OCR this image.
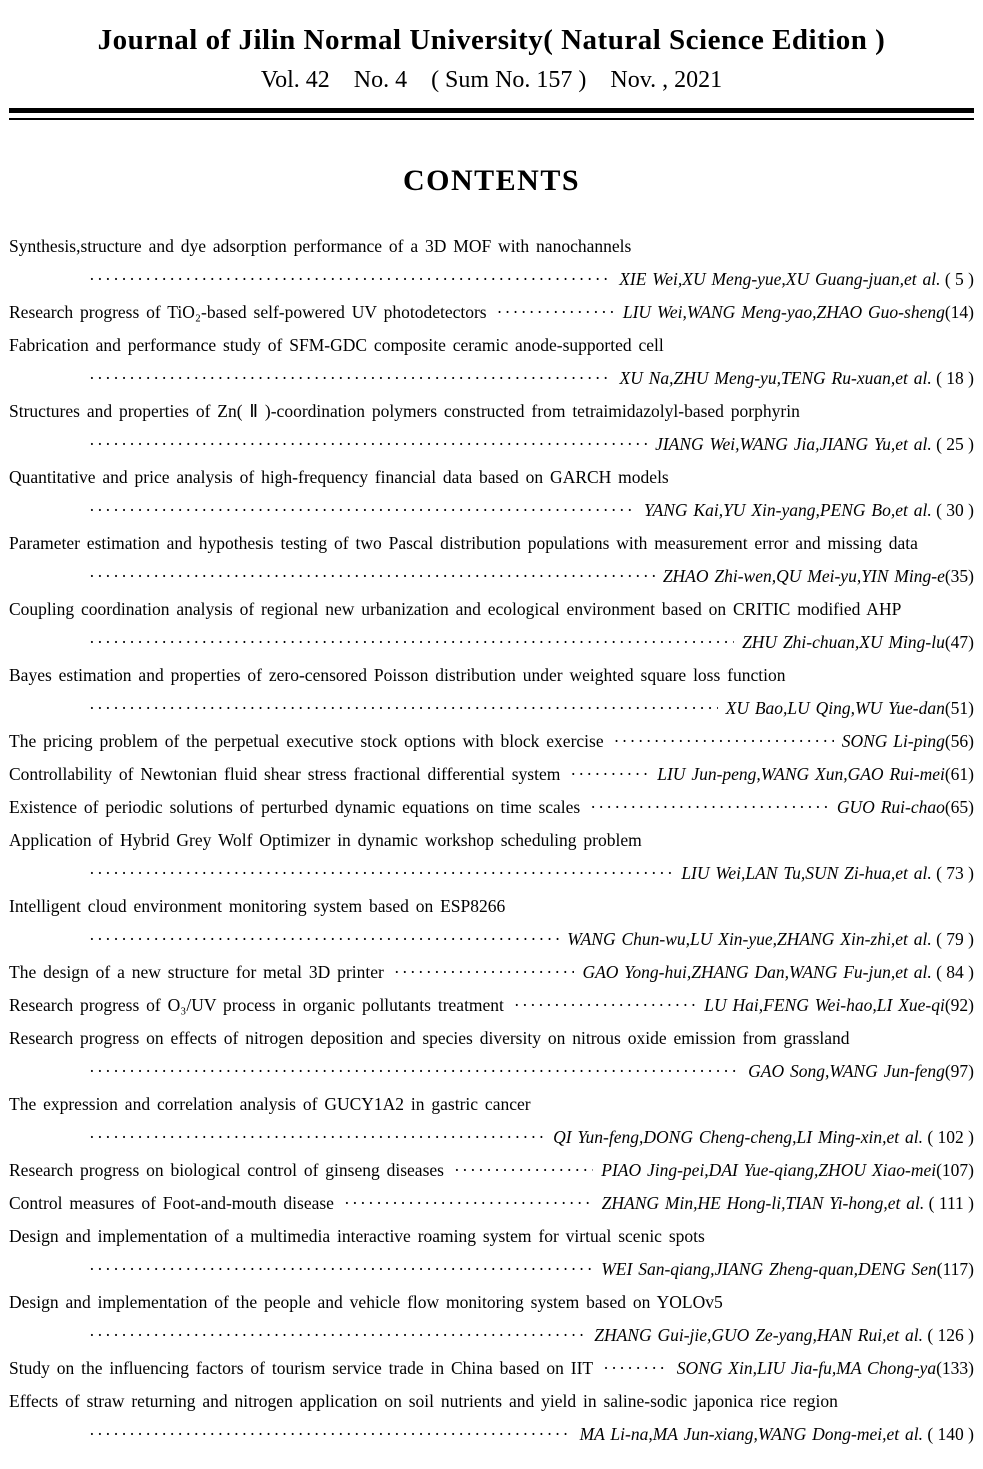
Journal of Jilin Normal University( Natural Science Edition )
Vol. 42    No. 4    ( Sum No. 157 )    Nov. , 2021
CONTENTS
Synthesis,structure and dye adsorption performance of a 3D MOF with nanochannels
·····
XIE Wei,XU Meng-yue,XU Guang-juan,et al. ( 5 )
Research progress of TiO₂-based self-powered UV photodetectors ·····	LIU Wei,WANG Meng-yao,ZHAO Guo-sheng (14)
Fabrication and performance study of SFM-GDC composite ceramic anode-supported cell
·····
XU Na,ZHU Meng-yu,TENG Ru-xuan,et al. ( 18 )
Structures and properties of Zn( Ⅱ )-coordination polymers constructed from tetraimidazolyl-based porphyrin
·····
JIANG Wei,WANG Jia,JIANG Yu,et al. ( 25 )
Quantitative and price analysis of high-frequency financial data based on GARCH models
·····
YANG Kai,YU Xin-yang,PENG Bo,et al. ( 30 )
Parameter estimation and hypothesis testing of two Pascal distribution populations with measurement error and missing data
·····
ZHAO Zhi-wen,QU Mei-yu,YIN Ming-e (35)
Coupling coordination analysis of regional new urbanization and ecological environment based on CRITIC modified AHP
·····
ZHU Zhi-chuan,XU Ming-lu (47)
Bayes estimation and properties of zero-censored Poisson distribution under weighted square loss function
·····
XU Bao,LU Qing,WU Yue-dan (51)
The pricing problem of the perpetual executive stock options with block exercise ·····	SONG Li-ping (56)
Controllability of Newtonian fluid shear stress fractional differential system ·····	LIU Jun-peng,WANG Xun,GAO Rui-mei (61)
Existence of periodic solutions of perturbed dynamic equations on time scales ·····	GUO Rui-chao (65)
Application of Hybrid Grey Wolf Optimizer in dynamic workshop scheduling problem
·····
LIU Wei,LAN Tu,SUN Zi-hua,et al. ( 73 )
Intelligent cloud environment monitoring system based on ESP8266
·····
WANG Chun-wu,LU Xin-yue,ZHANG Xin-zhi,et al. ( 79 )
The design of a new structure for metal 3D printer ·····	GAO Yong-hui,ZHANG Dan,WANG Fu-jun,et al. ( 84 )
Research progress of O₃/UV process in organic pollutants treatment ·····	LU Hai,FENG Wei-hao,LI Xue-qi (92)
Research progress on effects of nitrogen deposition and species diversity on nitrous oxide emission from grassland
·····
GAO Song,WANG Jun-feng (97)
The expression and correlation analysis of GUCY1A2 in gastric cancer
·····
QI Yun-feng,DONG Cheng-cheng,LI Ming-xin,et al. ( 102 )
Research progress on biological control of ginseng diseases ·····	PIAO Jing-pei,DAI Yue-qiang,ZHOU Xiao-mei (107)
Control measures of Foot-and-mouth disease ·····	ZHANG Min,HE Hong-li,TIAN Yi-hong,et al. ( 111 )
Design and implementation of a multimedia interactive roaming system for virtual scenic spots
·····
WEI San-qiang,JIANG Zheng-quan,DENG Sen (117)
Design and implementation of the people and vehicle flow monitoring system based on YOLOv5
·····
ZHANG Gui-jie,GUO Ze-yang,HAN Rui,et al. ( 126 )
Study on the influencing factors of tourism service trade in China based on IIT ·····	SONG Xin,LIU Jia-fu,MA Chong-ya (133)
Effects of straw returning and nitrogen application on soil nutrients and yield in saline-sodic japonica rice region
·····
MA Li-na,MA Jun-xiang,WANG Dong-mei,et al. ( 140 )
